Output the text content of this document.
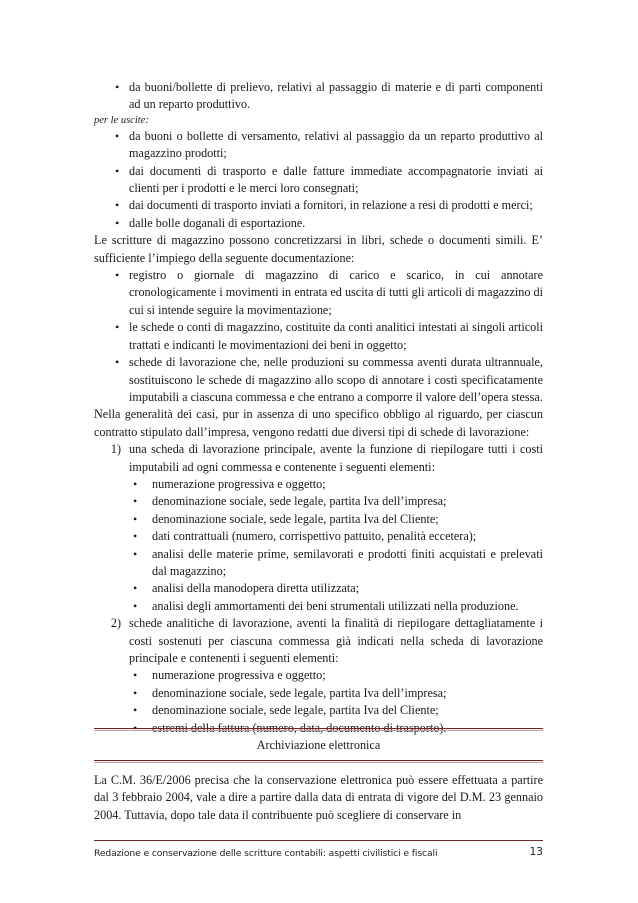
• da buoni/bollette di prelievo, relativi al passaggio di materie e di parti componenti ad un reparto produttivo.

per le uscite:

• da buoni o bollette di versamento, relativi al passaggio da un reparto produttivo al magazzino prodotti;
• dai documenti di trasporto e dalle fatture immediate accompagnatorie inviati ai clienti per i prodotti e le merci loro consegnati;
• dai documenti di trasporto inviati a fornitori, in relazione a resi di prodotti e merci;
• dalle bolle doganali di esportazione.

Le scritture di magazzino possono concretizzarsi in libri, schede o documenti simili. E’ sufficiente l’impiego della seguente documentazione:

• registro o giornale di magazzino di carico e scarico, in cui annotare cronologicamente i movimenti in entrata ed uscita di tutti gli articoli di magazzino di cui si intende seguire la movimentazione;
• le schede o conti di magazzino, costituite da conti analitici intestati ai singoli articoli trattati e indicanti le movimentazioni dei beni in oggetto;
• schede di lavorazione che, nelle produzioni su commessa aventi durata ultrannuale, sostituiscono le schede di magazzino allo scopo di annotare i costi specificatamente imputabili a ciascuna commessa e che entrano a comporre il valore dell’opera stessa.

Nella generalità dei casi, pur in assenza di uno specifico obbligo al riguardo, per ciascun contratto stipulato dall’impresa, vengono redatti due diversi tipi di schede di lavorazione:

1) una scheda di lavorazione principale, avente la funzione di riepilogare tutti i costi imputabili ad ogni commessa e contenente i seguenti elementi:
• numerazione progressiva e oggetto;
• denominazione sociale, sede legale, partita Iva dell’impresa;
• denominazione sociale, sede legale, partita Iva del Cliente;
• dati contrattuali (numero, corrispettivo pattuito, penalità eccetera);
• analisi delle materie prime, semilavorati e prodotti finiti acquistati e prelevati dal magazzino;
• analisi della manodopera diretta utilizzata;
• analisi degli ammortamenti dei beni strumentali utilizzati nella produzione.
2) schede analitiche di lavorazione, aventi la finalità di riepilogare dettagliatamente i costi sostenuti per ciascuna commessa già indicati nella scheda di lavorazione principale e contenenti i seguenti elementi:
• numerazione progressiva e oggetto;
• denominazione sociale, sede legale, partita Iva dell’impresa;
• denominazione sociale, sede legale, partita Iva del Cliente;
• estremi della fattura (numero, data, documento di trasporto).
Archiviazione elettronica

La C.M. 36/E/2006 precisa che la conservazione elettronica può essere effettuata a partire dal 3 febbraio 2004, vale a dire a partire dalla data di entrata di vigore del D.M. 23 gennaio 2004. Tuttavia, dopo tale data il contribuente può scegliere di conservare in

Redazione e conservazione delle scritture contabili: aspetti civilistici e fiscali	13
